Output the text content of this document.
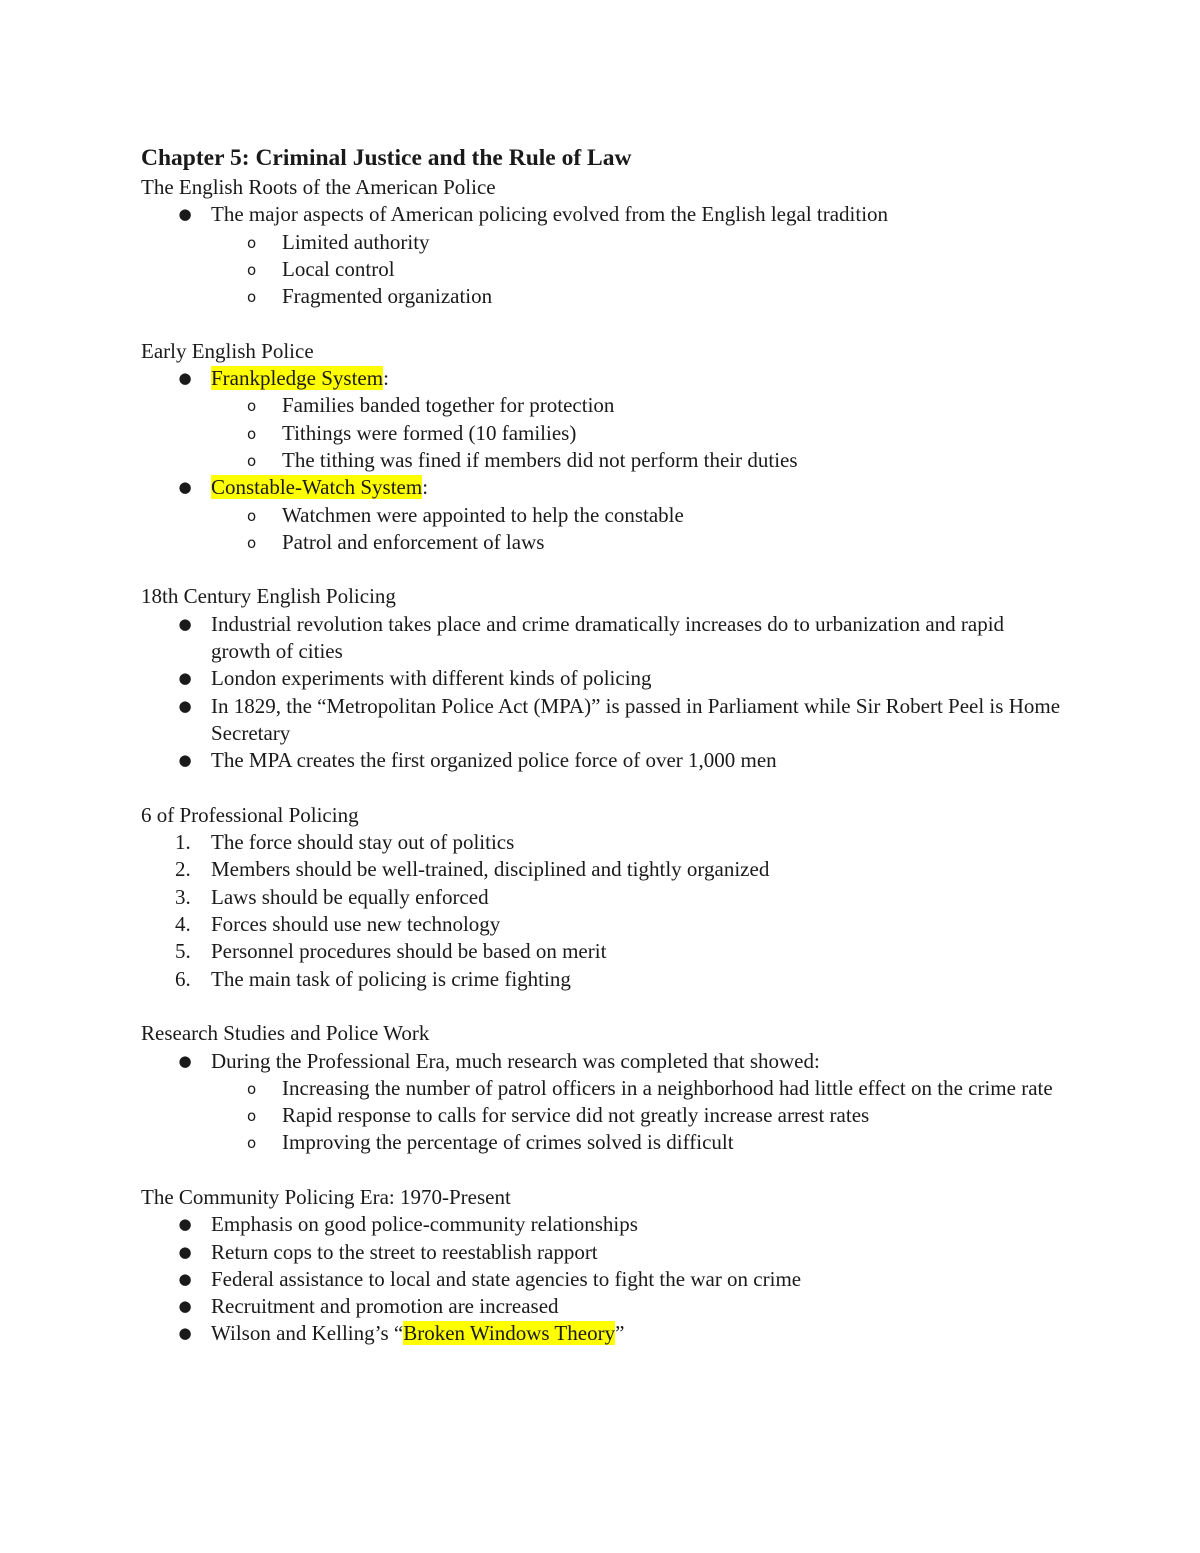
Chapter 5: Criminal Justice and the Rule of Law

The English Roots of the American Police

● The major aspects of American policing evolved from the English legal tradition
o Limited authority
o Local control
o Fragmented organization

Early English Police

● Frankpledge System:
o Families banded together for protection
o Tithings were formed (10 families)
o The tithing was fined if members did not perform their duties
● Constable-Watch System:
o Watchmen were appointed to help the constable
o Patrol and enforcement of laws

18th Century English Policing

● Industrial revolution takes place and crime dramatically increases do to urbanization and rapid growth of cities
● London experiments with different kinds of policing
● In 1829, the “Metropolitan Police Act (MPA)” is passed in Parliament while Sir Robert Peel is Home Secretary
● The MPA creates the first organized police force of over 1,000 men

6 of Professional Policing

1. The force should stay out of politics
2. Members should be well-trained, disciplined and tightly organized
3. Laws should be equally enforced
4. Forces should use new technology
5. Personnel procedures should be based on merit
6. The main task of policing is crime fighting

Research Studies and Police Work

● During the Professional Era, much research was completed that showed:
o Increasing the number of patrol officers in a neighborhood had little effect on the crime rate
o Rapid response to calls for service did not greatly increase arrest rates
o Improving the percentage of crimes solved is difficult

The Community Policing Era: 1970-Present

● Emphasis on good police-community relationships
● Return cops to the street to reestablish rapport
● Federal assistance to local and state agencies to fight the war on crime
● Recruitment and promotion are increased
● Wilson and Kelling’s “Broken Windows Theory”
